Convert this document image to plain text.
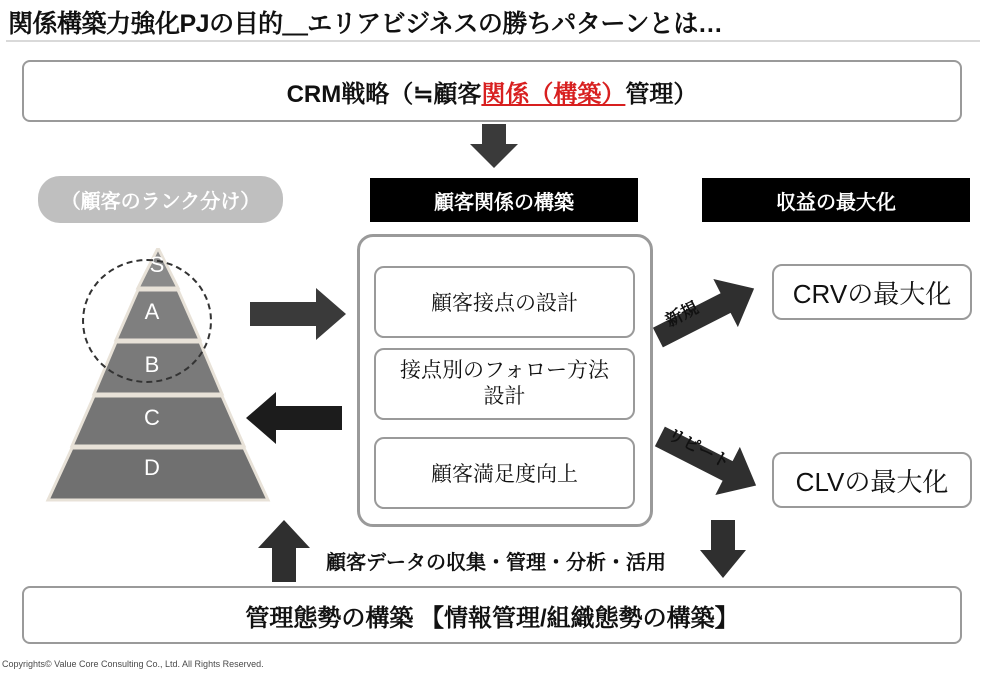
関係構築力強化PJの目的＿エリアビジネスの勝ちパターンとは…
CRM戦略（≒顧客 関係（構築） 管理）
（顧客のランク分け）	顧客関係の構築	収益の最大化
S
A
B
C
D
顧客接点の設計
接点別のフォロー方法
設計
顧客満足度向上
新規
リピート
CRVの最大化
CLVの最大化
顧客データの収集・管理・分析・活用
管理態勢の構築 【情報管理/組織態勢の構築】
Copyrights© Value Core Consulting Co., Ltd. All Rights Reserved.
